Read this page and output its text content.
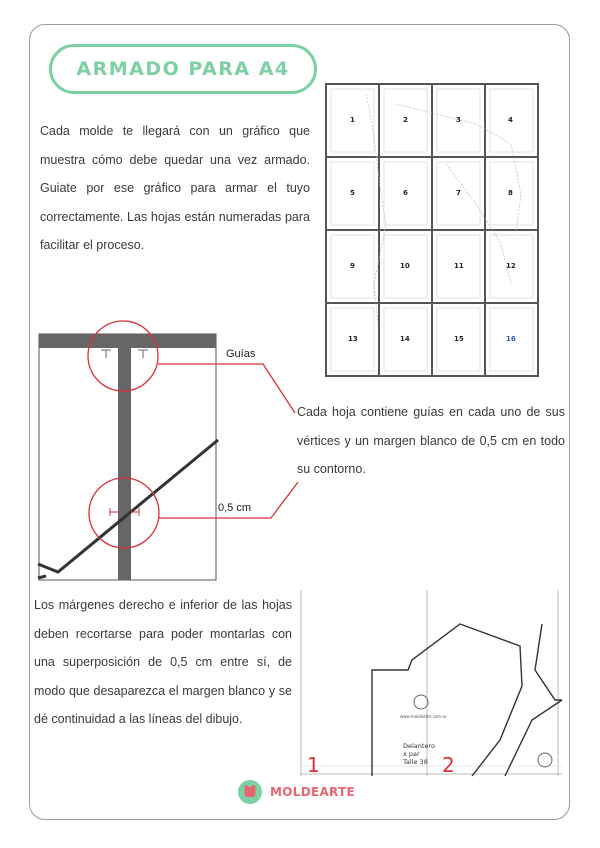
ARMADO PARA A4

Cada molde te llegará con un gráfico que muestra cómo debe quedar una vez armado. Guiate por ese gráfico para armar el tuyo correctamente. Las hojas están numeradas para facilitar el proceso.

1	2	3	4
5	6	7	8
9	10	11	12
13	14	15	16
Guías
0,5 cm

Cada hoja contiene guías en cada uno de sus vértices y un margen blanco de 0,5 cm en todo su contorno.

Los márgenes derecho e inferior de las hojas deben recortarse para poder montarlas con una superposición de 0,5 cm entre sí, de modo que desaparezca el margen blanco y se dé continuidad a las líneas del dibujo.	www.moldearte.com.ar
Delantero
x par
Talle 38
1	2
MOLDEARTE
